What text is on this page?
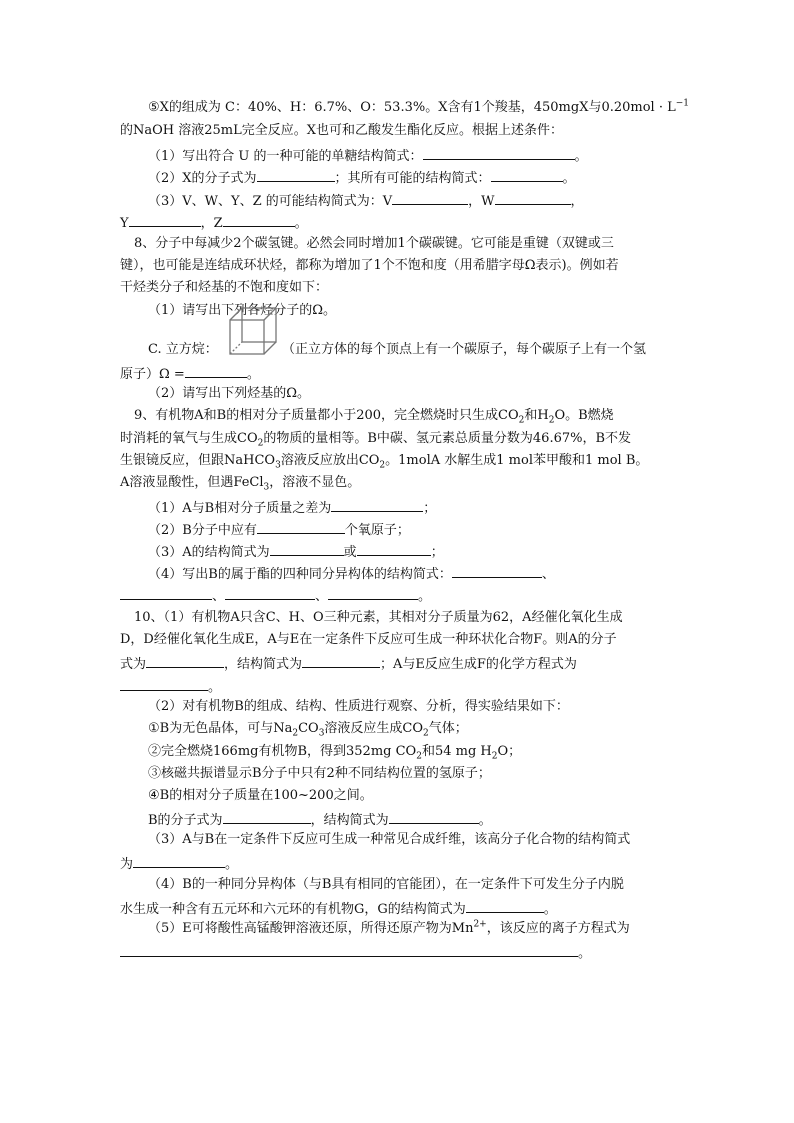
⑤X的组成为 C：40%、H：6.7%、O：53.3%。X含有1个羧基，450mgX与$0.20mol \cdot L^{-1}$
的NaOH 溶液25mL完全反应。X也可和乙酸发生酯化反应。根据上述条件：
（1）写出符合 U 的一种可能的单糖结构简式：	。
（2）X的分子式为	；其所有可能的结构简式：	。
（3）V、W、Y、Z 的可能结构简式为：V	，W	，
Y	，Z	。
8、分子中每减少2个碳氢键。必然会同时增加1个碳碳键。它可能是重键（双键或三
键），也可能是连结成环状烃，都称为增加了1个不饱和度（用希腊字母Ω表示)。例如若
干烃类分子和烃基的不饱和度如下：
（1）请写出下列各烃分子的Ω。
C. 立方烷：	（正立方体的每个顶点上有一个碳原子，每个碳原子上有一个氢
原子）Ω =	。
（2）请写出下列烃基的Ω。
9、有机物A和B的相对分子质量都小于200，完全燃烧时只生成$CO_2$和$H_2O$。B燃烧
时消耗的氧气与生成$CO_2$的物质的量相等。B中碳、氢元素总质量分数为46.67%，B不发
生银镜反应，但跟NaHCO$_3$溶液反应放出$CO_2$。1molA 水解生成1 mol苯甲酸和1 mol B。
A溶液显酸性，但遇FeCl$_3$，溶液不显色。
（1）A与B相对分子质量之差为	；
（2）B分子中应有	个氧原子；
（3）A的结构简式为	或	；
（4）写出B的属于酯的四种同分异构体的结构简式：	、
、	、	。
10、（1）有机物A只含C、H、O三种元素，其相对分子质量为62，A经催化氧化生成
D，D经催化氧化生成E，A与E在一定条件下反应可生成一种环状化合物F。则A的分子
式为	，结构简式为	；A与E反应生成F的化学方程式为
。
（2）对有机物B的组成、结构、性质进行观察、分析，得实验结果如下：
①B为无色晶体，可与$Na_2CO_3$溶液反应生成$CO_2$气体；
②完全燃烧166mg有机物B，得到352mg $CO_2$和54 mg $H_2O$；
③核磁共振谱显示B分子中只有2种不同结构位置的氢原子；
④B的相对分子质量在100~200之间。
B的分子式为	，结构简式为	。
（3）A与B在一定条件下反应可生成一种常见合成纤维，该高分子化合物的结构简式
为	。
（4）B的一种同分异构体（与B具有相同的官能团），在一定条件下可发生分子内脱
水生成一种含有五元环和六元环的有机物G，G的结构简式为	。
（5）E可将酸性高锰酸钾溶液还原，所得还原产物为$Mn^{2+}$，该反应的离子方程式为
。
